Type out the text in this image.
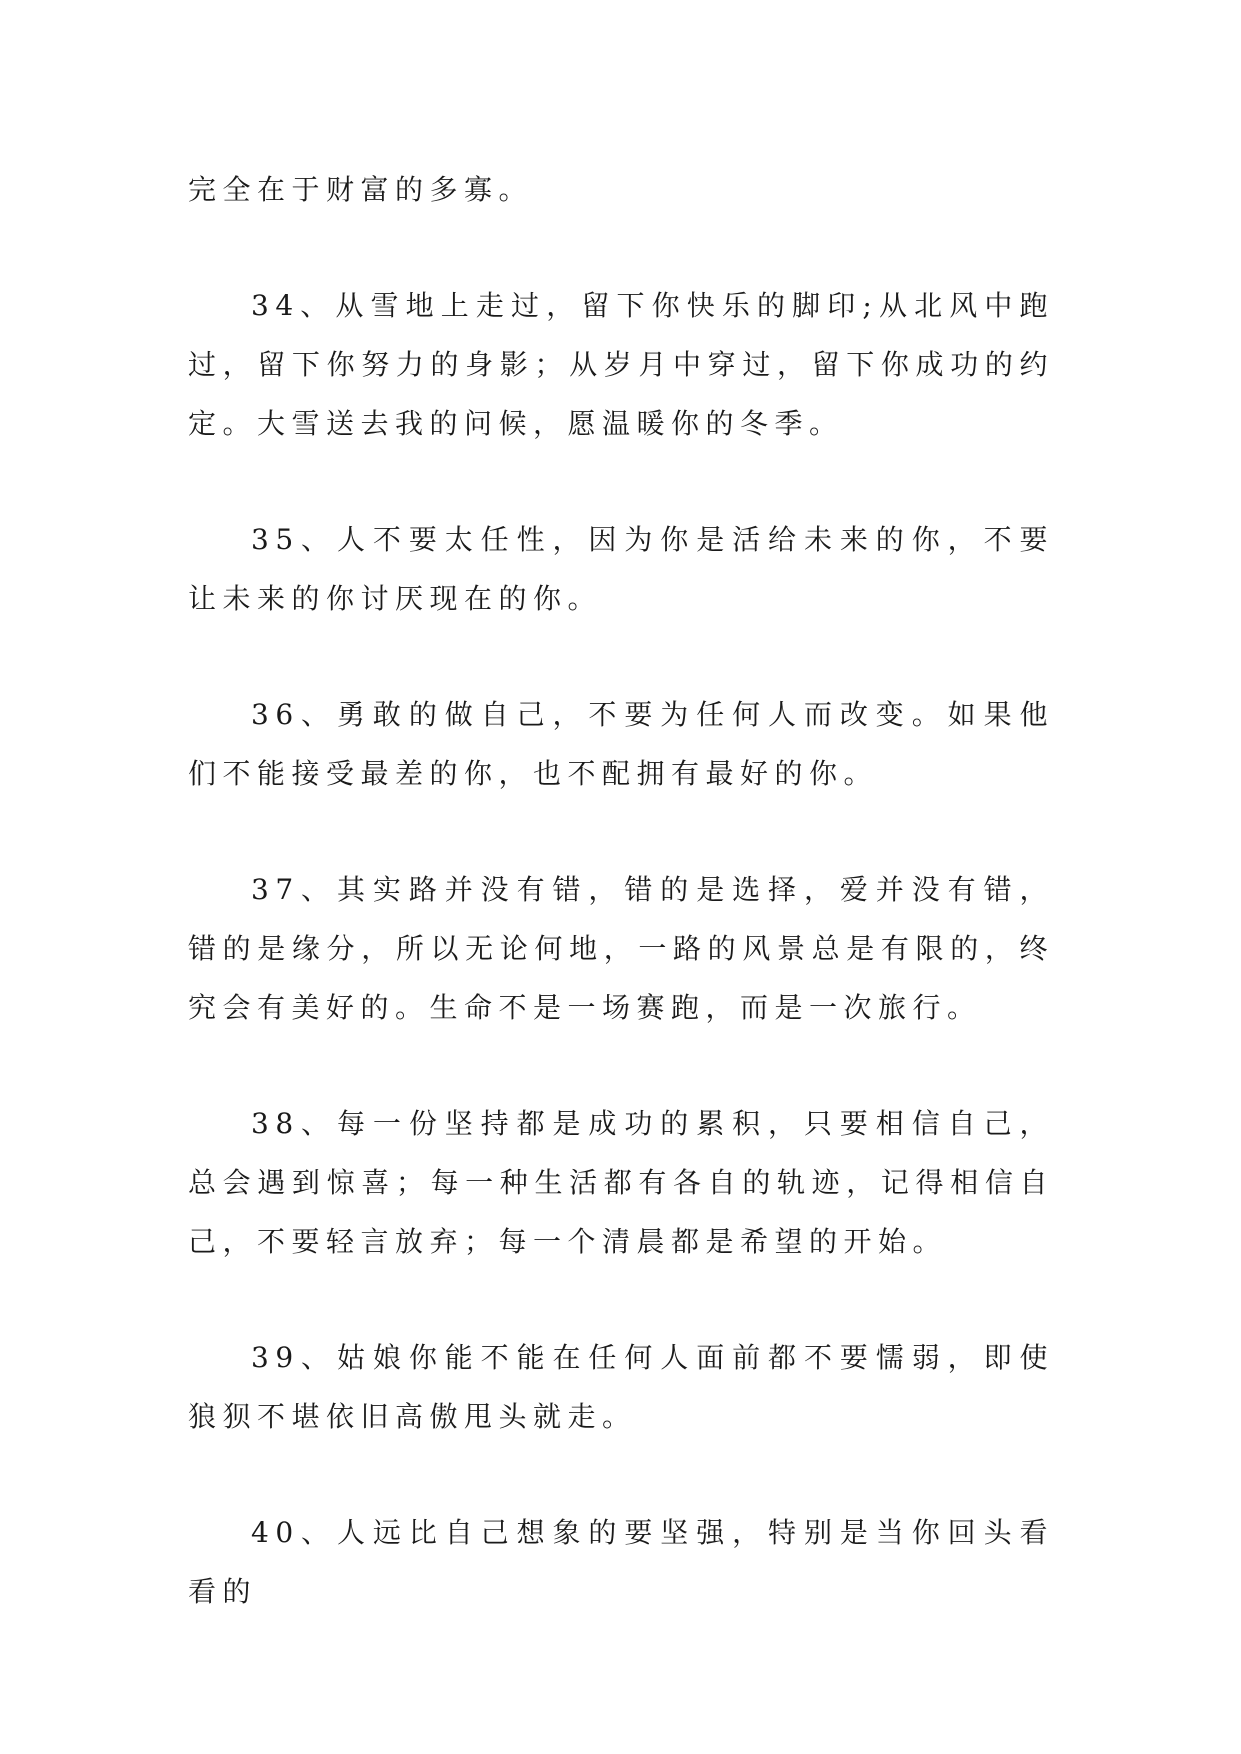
完全在于财富的多寡。

34、从雪地上走过，留下你快乐的脚印;从北风中跑过，留下你努力的身影；从岁月中穿过，留下你成功的约定。大雪送去我的问候，愿温暖你的冬季。

35、人不要太任性，因为你是活给未来的你，不要让未来的你讨厌现在的你。

36、勇敢的做自己，不要为任何人而改变。如果他们不能接受最差的你，也不配拥有最好的你。

37、其实路并没有错，错的是选择，爱并没有错，错的是缘分，所以无论何地，一路的风景总是有限的，终究会有美好的。生命不是一场赛跑，而是一次旅行。

38、每一份坚持都是成功的累积，只要相信自己，总会遇到惊喜；每一种生活都有各自的轨迹，记得相信自己，不要轻言放弃；每一个清晨都是希望的开始。

39、姑娘你能不能在任何人面前都不要懦弱，即使狼狈不堪依旧高傲甩头就走。

40、人远比自己想象的要坚强，特别是当你回头看看的
